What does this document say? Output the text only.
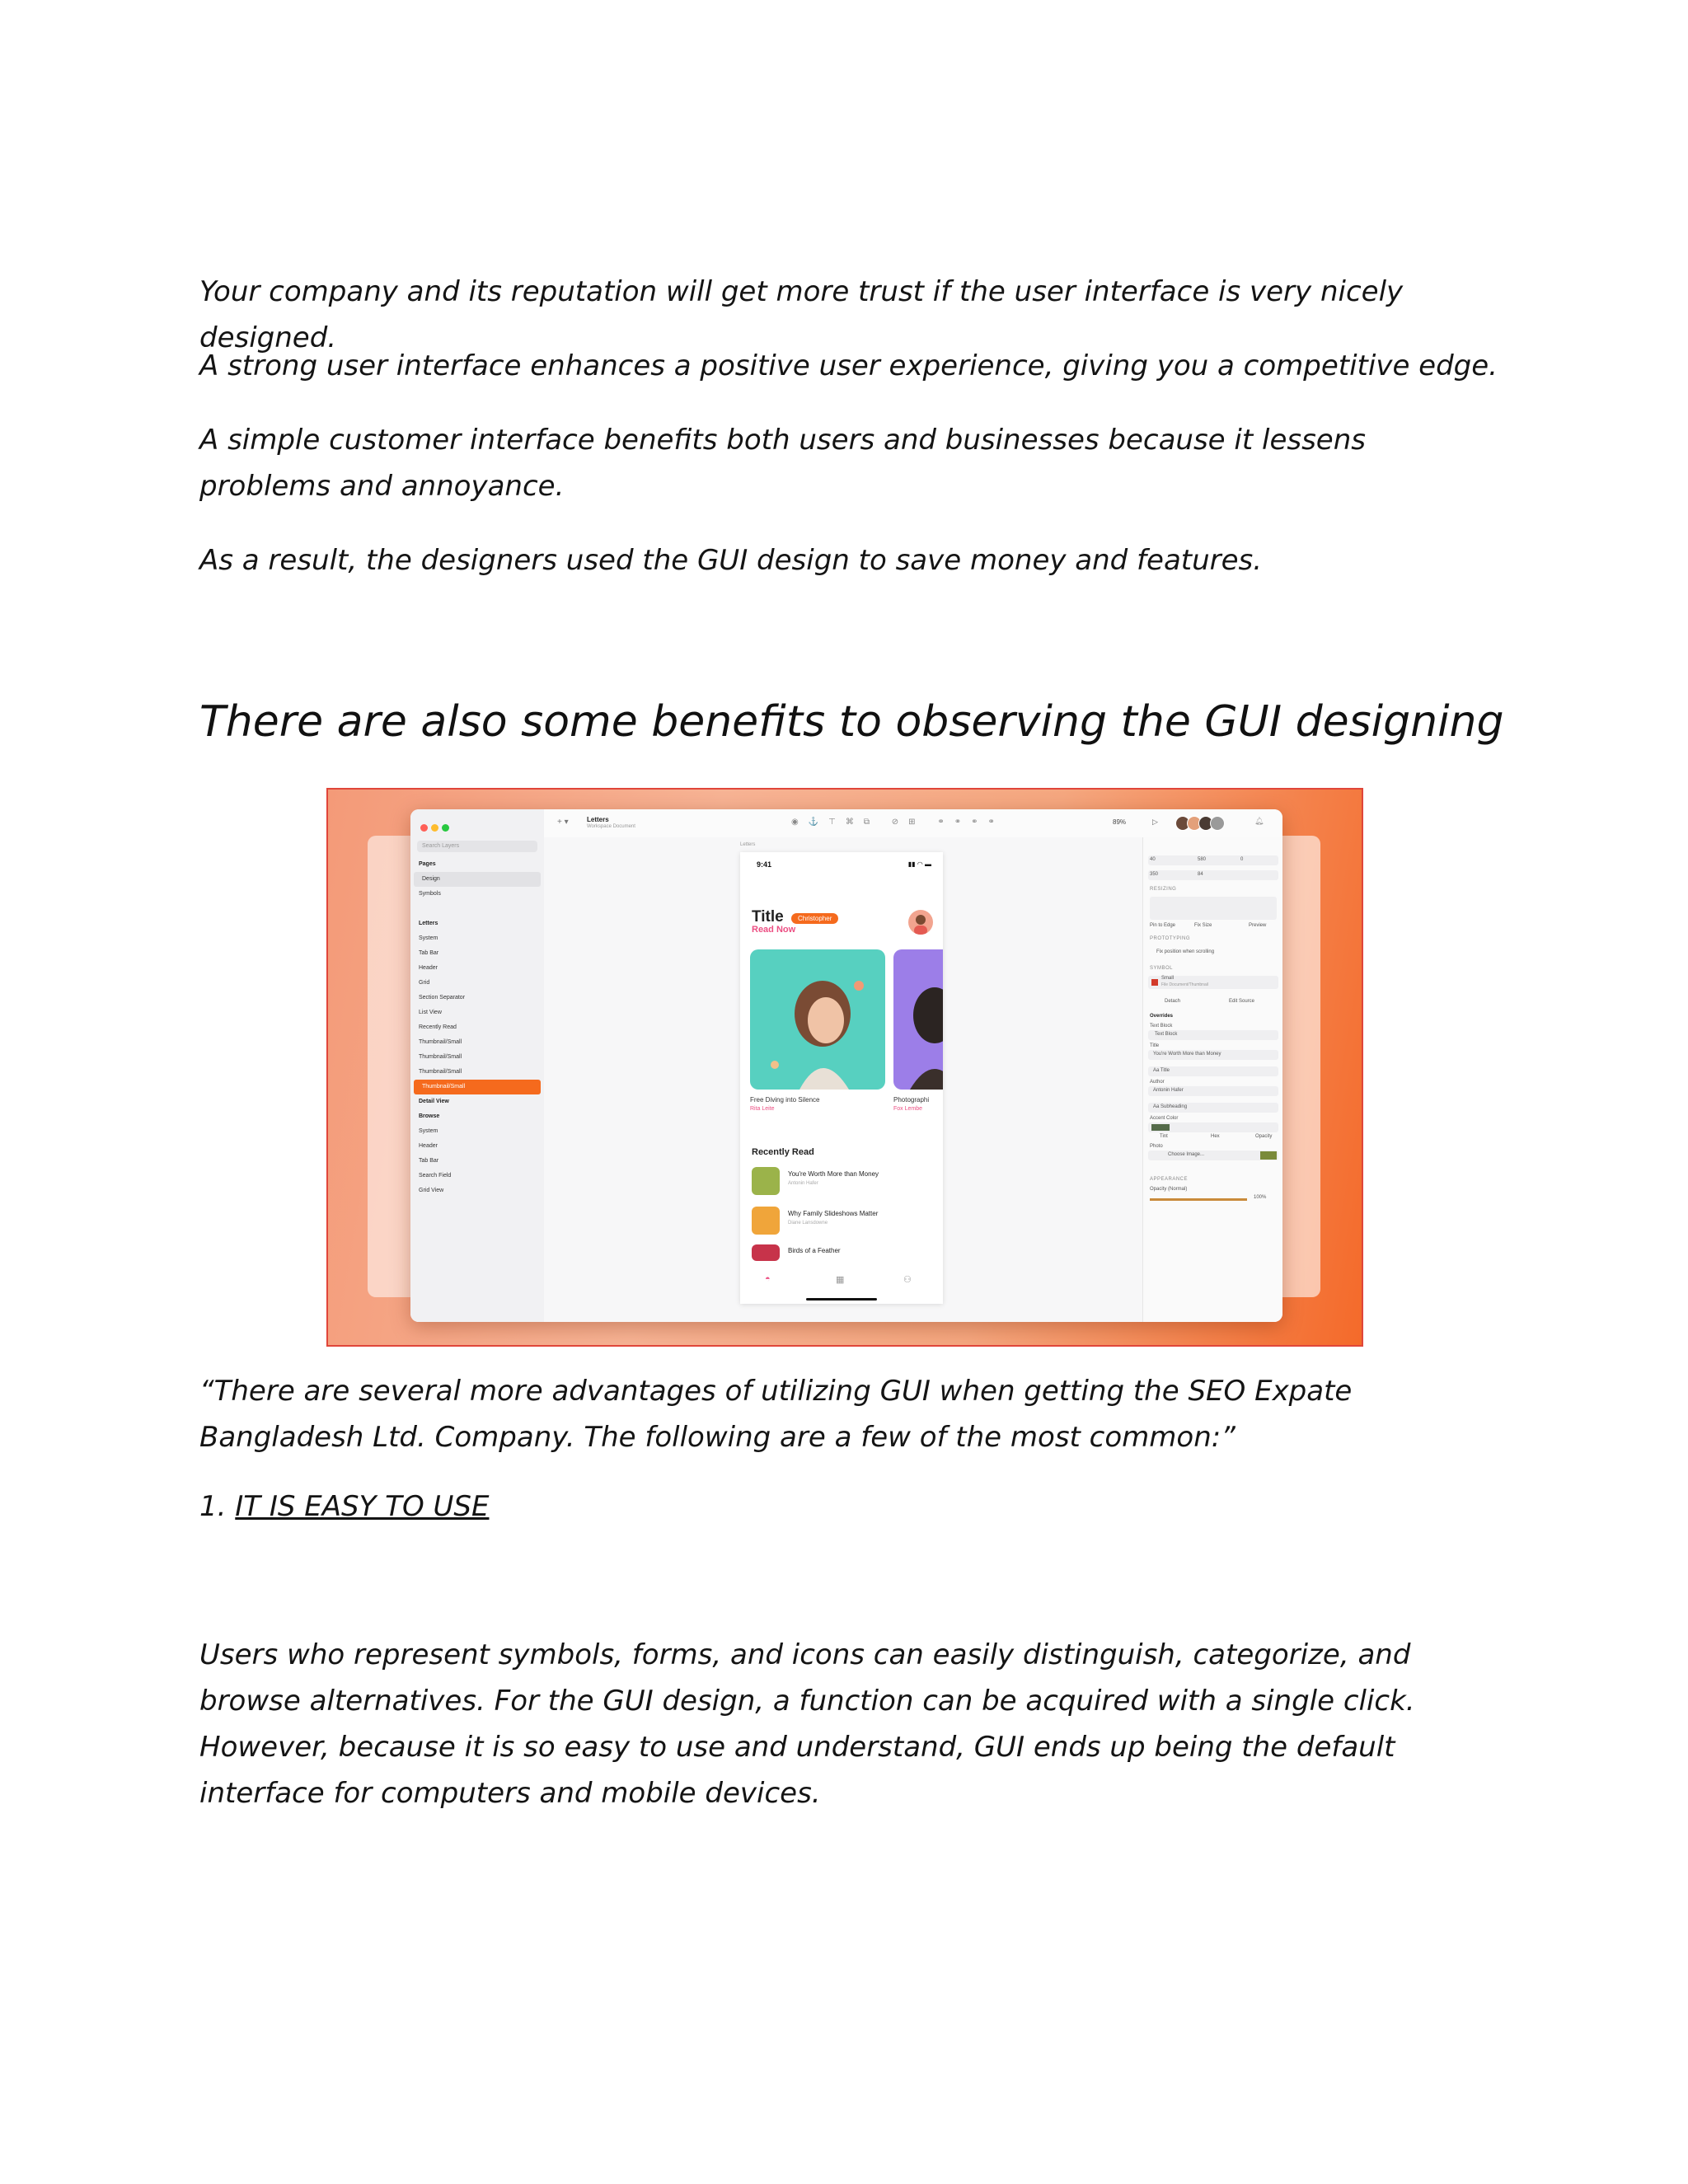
Your company and its reputation will get more trust if the user interface is very nicely designed.

A strong user interface enhances a positive user experience, giving you a competitive edge.

A simple customer interface benefits both users and businesses because it lessens problems and annoyance.

As a result, the designers used the GUI design to save money and features.

There are also some benefits to observing the GUI designing
Search Layers
Pages
Design
Symbols
Letters
System
Tab Bar
Header
Grid
Section Separator
List View
Recently Read
Thumbnail/Small
Thumbnail/Small
Thumbnail/Small
Thumbnail/Small
Detail View
Browse
System
Header
Tab Bar
Search Field
Grid View
+ ▾	Letters
Workspace Document	◉⚓⊤⌘⧉ ⊘⊞ ⚭⚭⚭⚭	89%	▷	🔔︎
Letters
9:41	▮▮ ◠ ▬
Title
Read Now
Christopher
Free Diving into Silence
Rita Leite
Photographi
Fox Lembe
Recently Read
You're Worth More than Money
Antonin Hafer
Why Family Slideshows Matter
Diane Lansdowne
Birds of a Feather
◓	▦	⚇
40	580	0
350	84
RESIZING
Pin to Edge	Fix Size	Preview
PROTOTYPING
Fix position when scrolling
SYMBOL
Small
File Document/Thumbnail
Detach	Edit Source
Overrides
Text Block
Text Block
Title
You're Worth More than Money
Aa Title
Author
Antonin Hafer
Aa Subheading
Accent Color
Tint	Hex	Opacity
Photo
Choose Image...
APPEARANCE
Opacity (Normal)
100%

“There are several more advantages of utilizing GUI when getting the SEO Expate Bangladesh Ltd. Company. The following are a few of the most common:”

1. IT IS EASY TO USE

Users who represent symbols, forms, and icons can easily distinguish, categorize, and browse alternatives. For the GUI design, a function can be acquired with a single click. However, because it is so easy to use and understand, GUI ends up being the default interface for computers and mobile devices.
